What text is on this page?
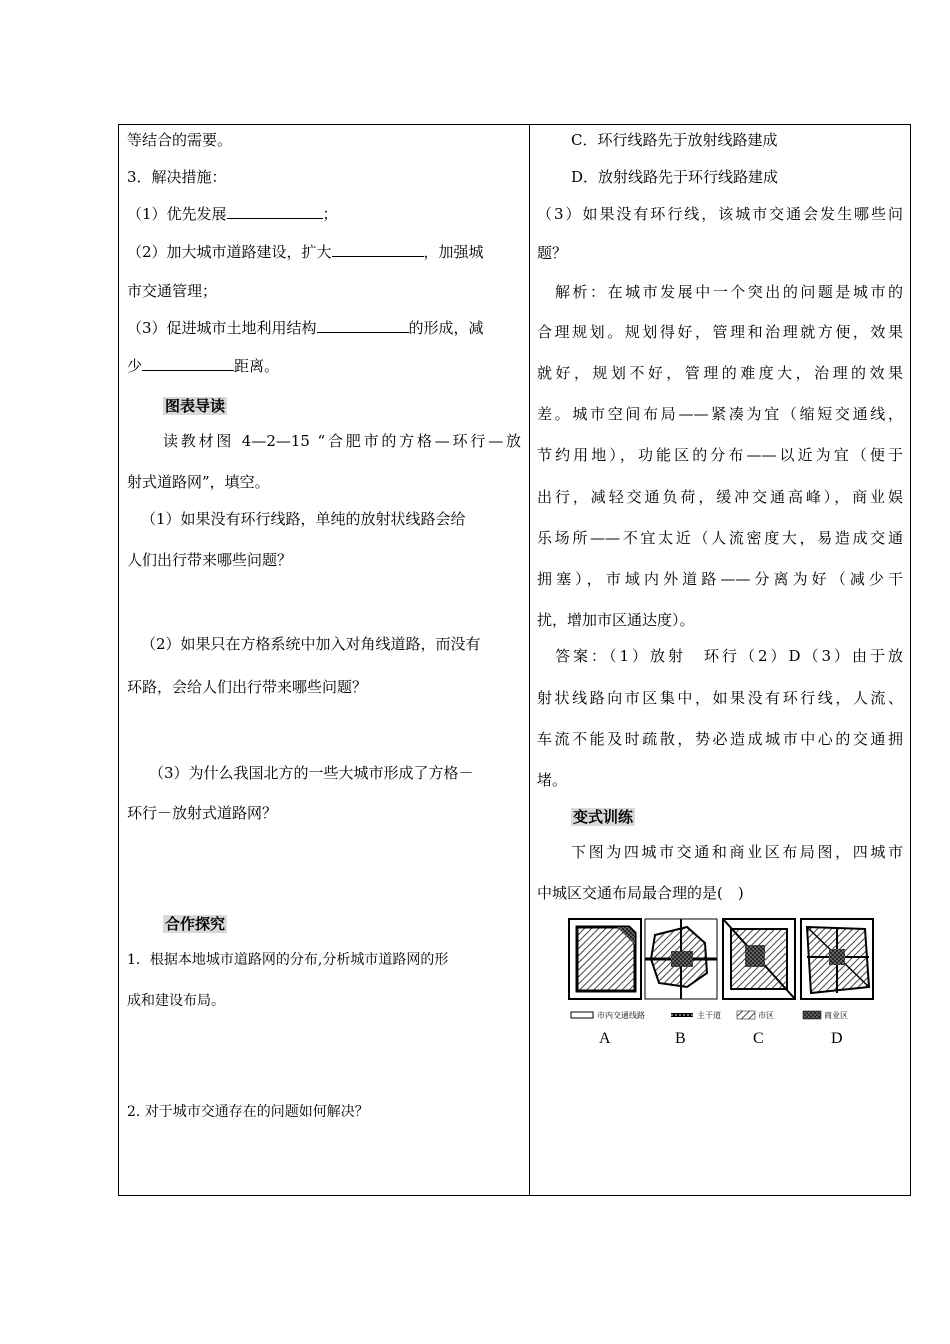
等结合的需要。
3．解决措施：
（1）优先发展	；
（2）加大城市道路建设，扩大	，加强城
市交通管理；
（3）促进城市土地利用结构	的形成，减
少	距离。
图表导读
读教材图 4—2—15 “合肥市的方格—环行—放
射式道路网”，填空。
（1）如果没有环行线路，单纯的放射状线路会给
人们出行带来哪些问题？
（2）如果只在方格系统中加入对角线道路，而没有
环路，会给人们出行带来哪些问题？
（3）为什么我国北方的一些大城市形成了方格－
环行－放射式道路网？
合作探究
1．根据本地城市道路网的分布,分析城市道路网的形
成和建设布局。
2. 对于城市交通存在的问题如何解决？
C．环行线路先于放射线路建成
D．放射线路先于环行线路建成
（3）如果没有环行线，该城市交通会发生哪些问
题？
解析：在城市发展中一个突出的问题是城市的
合理规划。规划得好，管理和治理就方便，效果
就好，规划不好，管理的难度大，治理的效果
差。城市空间布局——紧凑为宜（缩短交通线，
节约用地），功能区的分布——以近为宜（便于
出行，减轻交通负荷，缓冲交通高峰），商业娱
乐场所——不宜太近（人流密度大，易造成交通
拥塞），市域内外道路——分离为好（减少干
扰，增加市区通达度）。
答案：（1）放射　环行（2）D（3）由于放
射状线路向市区集中，如果没有环行线，人流、
车流不能及时疏散，势必造成城市中心的交通拥
堵。
变式训练
下图为四城市交通和商业区布局图，四城市
中城区交通布局最合理的是(　)
市内交通线路	主干道	市区	商业区
A	B	C	D
